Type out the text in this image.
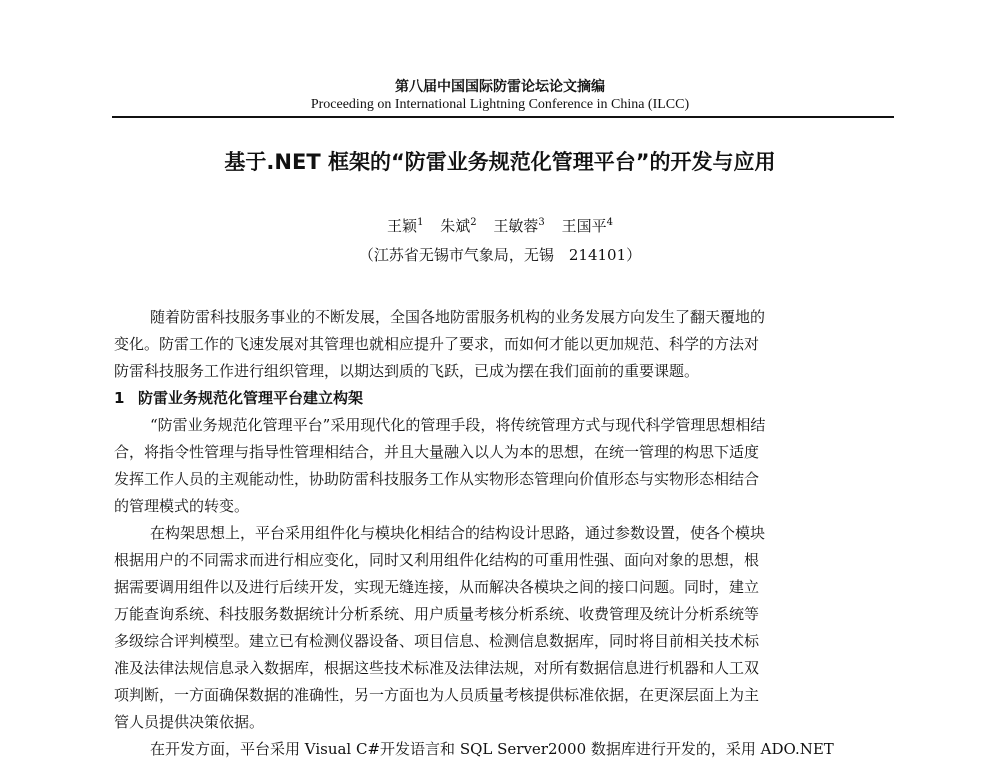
第八届中国国际防雷论坛论文摘编
Proceeding on International Lightning Conference in China (ILCC)
基于.NET 框架的“防雷业务规范化管理平台”的开发与应用
王颖$^1$ 朱斌$^2$ 王敏蓉$^3$ 王国平$^4$
（江苏省无锡市气象局，无锡　214101）
随着防雷科技服务事业的不断发展，全国各地防雷服务机构的业务发展方向发生了翻天覆地的
变化。防雷工作的飞速发展对其管理也就相应提升了要求，而如何才能以更加规范、科学的方法对
防雷科技服务工作进行组织管理，以期达到质的飞跃，已成为摆在我们面前的重要课题。
1 防雷业务规范化管理平台建立构架
“防雷业务规范化管理平台”采用现代化的管理手段，将传统管理方式与现代科学管理思想相结
合，将指令性管理与指导性管理相结合，并且大量融入以人为本的思想，在统一管理的构思下适度
发挥工作人员的主观能动性，协助防雷科技服务工作从实物形态管理向价值形态与实物形态相结合
的管理模式的转变。
在构架思想上，平台采用组件化与模块化相结合的结构设计思路，通过参数设置，使各个模块
根据用户的不同需求而进行相应变化，同时又利用组件化结构的可重用性强、面向对象的思想，根
据需要调用组件以及进行后续开发，实现无缝连接，从而解决各模块之间的接口问题。同时，建立
万能查询系统、科技服务数据统计分析系统、用户质量考核分析系统、收费管理及统计分析系统等
多级综合评判模型。建立已有检测仪器设备、项目信息、检测信息数据库，同时将目前相关技术标
准及法律法规信息录入数据库，根据这些技术标准及法律法规，对所有数据信息进行机器和人工双
项判断，一方面确保数据的准确性，另一方面也为人员质量考核提供标准依据，在更深层面上为主
管人员提供决策依据。
在开发方面，平台采用 Visual C#开发语言和 SQL Server2000 数据库进行开发的，采用 ADO.NET
